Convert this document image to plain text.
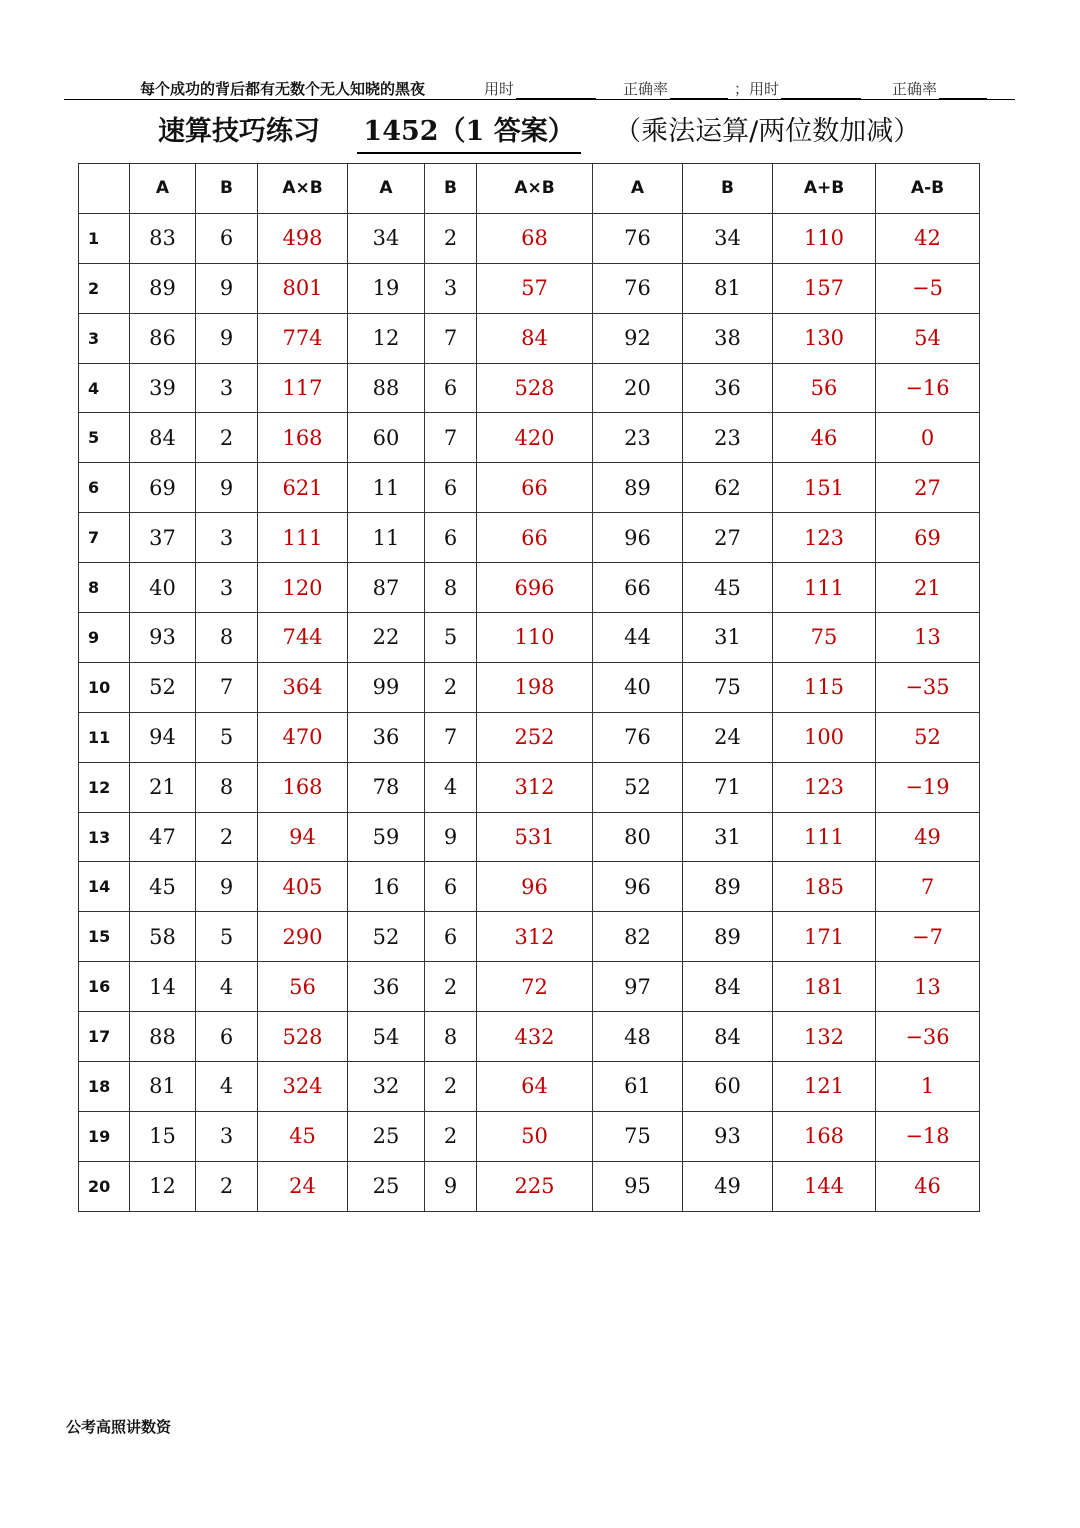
每个成功的背后都有无数个无人知晓的黑夜	用时	正确率	；用时	正确率
速算技巧练习 1452（1 答案） （乘法运算/两位数加减）
	A	B	A×B	A	B	A×B	A	B	A+B	A-B
1	83	6	498	34	2	68	76	34	110	42
2	89	9	801	19	3	57	76	81	157	−5
3	86	9	774	12	7	84	92	38	130	54
4	39	3	117	88	6	528	20	36	56	−16
5	84	2	168	60	7	420	23	23	46	0
6	69	9	621	11	6	66	89	62	151	27
7	37	3	111	11	6	66	96	27	123	69
8	40	3	120	87	8	696	66	45	111	21
9	93	8	744	22	5	110	44	31	75	13
10	52	7	364	99	2	198	40	75	115	−35
11	94	5	470	36	7	252	76	24	100	52
12	21	8	168	78	4	312	52	71	123	−19
13	47	2	94	59	9	531	80	31	111	49
14	45	9	405	16	6	96	96	89	185	7
15	58	5	290	52	6	312	82	89	171	−7
16	14	4	56	36	2	72	97	84	181	13
17	88	6	528	54	8	432	48	84	132	−36
18	81	4	324	32	2	64	61	60	121	1
19	15	3	45	25	2	50	75	93	168	−18
20	12	2	24	25	9	225	95	49	144	46
公考高照讲数资
